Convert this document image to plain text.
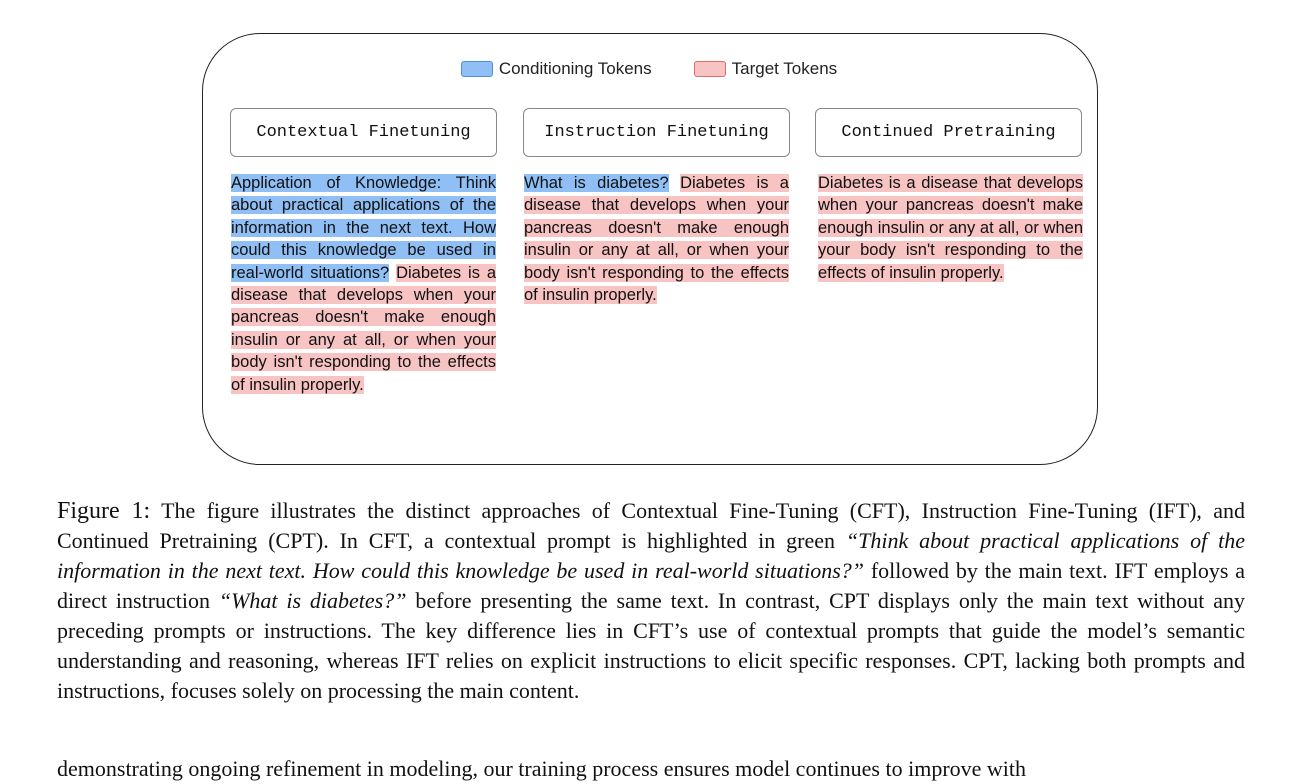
Conditioning Tokens	Target Tokens
Contextual Finetuning	Instruction Finetuning	Continued Pretraining
Application of Knowledge: Think about practical applications of the information in the next text. How could this knowledge be used in real-world situations? Diabetes is a disease that develops when your pancreas doesn't make enough insulin or any at all, or when your body isn't responding to the effects of insulin properly.
What is diabetes? Diabetes is a disease that develops when your pancreas doesn't make enough insulin or any at all, or when your body isn't responding to the effects of insulin properly.
Diabetes is a disease that develops when your pancreas doesn't make enough insulin or any at all, or when your body isn't responding to the effects of insulin properly.
Figure 1: The figure illustrates the distinct approaches of Contextual Fine-Tuning (CFT), Instruction Fine-Tuning (IFT), and Continued Pretraining (CPT). In CFT, a contextual prompt is highlighted in green “Think about practical applications of the information in the next text. How could this knowledge be used in real-world situations?” followed by the main text. IFT employs a direct instruction “What is diabetes?” before presenting the same text. In contrast, CPT displays only the main text without any preceding prompts or instructions. The key difference lies in CFT’s use of contextual prompts that guide the model’s semantic understanding and reasoning, whereas IFT relies on explicit instructions to elicit specific responses. CPT, lacking both prompts and instructions, focuses solely on processing the main content.
demonstrating ongoing refinement in modeling, our training process ensures model continues to improve with
